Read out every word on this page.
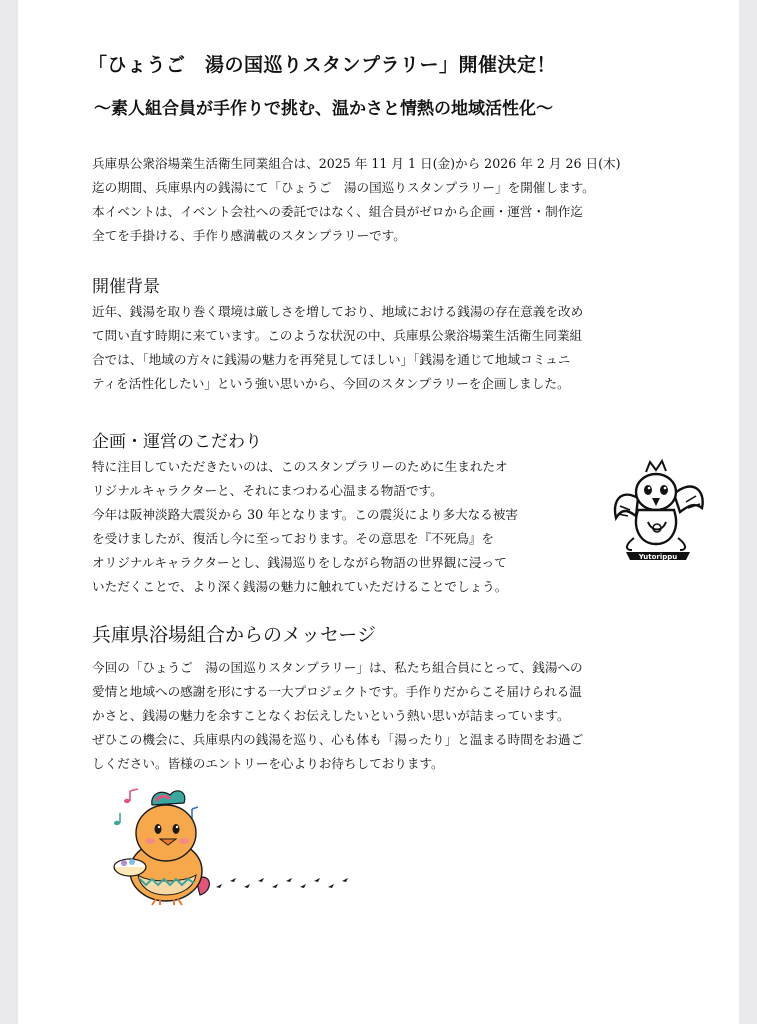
「ひょうご　湯の国巡りスタンプラリー」開催決定！
〜素人組合員が手作りで挑む、温かさと情熱の地域活性化〜

兵庫県公衆浴場業生活衛生同業組合は、2025 年 11 月 1 日(金)から 2026 年 2 月 26 日(木)
迄の期間、兵庫県内の銭湯にて「ひょうご　湯の国巡りスタンプラリー」を開催します。
本イベントは、イベント会社への委託ではなく、組合員がゼロから企画・運営・制作迄
全てを手掛ける、手作り感満載のスタンプラリーです。

開催背景

近年、銭湯を取り巻く環境は厳しさを増しており、地域における銭湯の存在意義を改め
て問い直す時期に来ています。このような状況の中、兵庫県公衆浴場業生活衛生同業組
合では、「地域の方々に銭湯の魅力を再発見してほしい」「銭湯を通じて地域コミュニ
ティを活性化したい」という強い思いから、今回のスタンプラリーを企画しました。

企画・運営のこだわり

特に注目していただきたいのは、このスタンプラリーのために生まれたオ
リジナルキャラクターと、それにまつわる心温まる物語です。
今年は阪神淡路大震災から 30 年となります。この震災により多大なる被害
を受けましたが、復活し今に至っております。その意思を『不死鳥』を
オリジナルキャラクターとし、銭湯巡りをしながら物語の世界観に浸って
いただくことで、より深く銭湯の魅力に触れていただけることでしょう。

Yutorippu
兵庫県浴場組合からのメッセージ

今回の「ひょうご　湯の国巡りスタンプラリー」は、私たち組合員にとって、銭湯への
愛情と地域への感謝を形にする一大プロジェクトです。手作りだからこそ届けられる温
かさと、銭湯の魅力を余すことなくお伝えしたいという熱い思いが詰まっています。
ぜひこの機会に、兵庫県内の銭湯を巡り、心も体も「湯ったり」と温まる時間をお過ご
しください。皆様のエントリーを心よりお待ちしております。
